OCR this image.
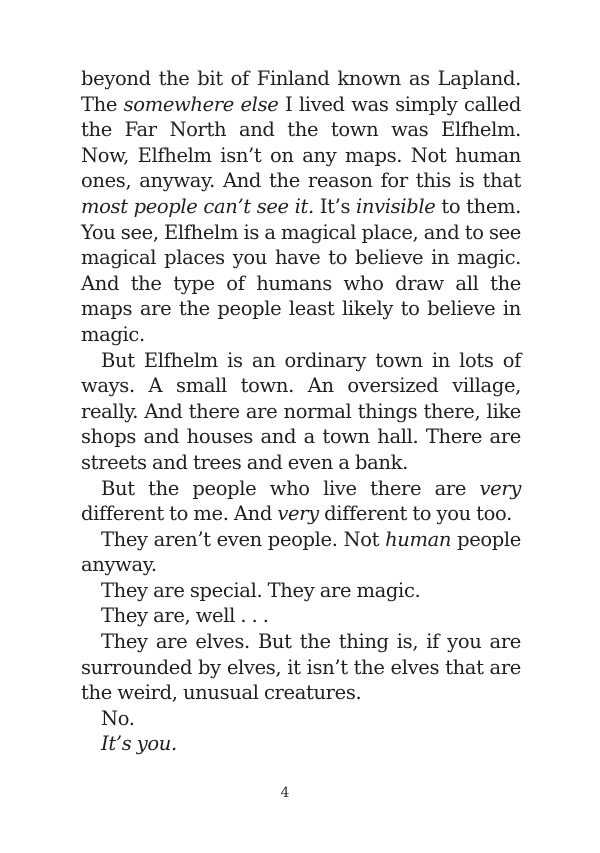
beyond the bit of Finland known as Lapland. The somewhere else I lived was simply called the Far North and the town was Elfhelm. Now, Elfhelm isn’t on any maps. Not human ones, anyway. And the reason for this is that most people can’t see it. It’s invisible to them. You see, Elfhelm is a magical place, and to see magical places you have to believe in magic. And the type of humans who draw all the maps are the people least likely to believe in magic.

But Elfhelm is an ordinary town in lots of ways. A small town. An oversized village, really. And there are normal things there, like shops and houses and a town hall. There are streets and trees and even a bank.

But the people who live there are very different to me. And very different to you too.

They aren’t even people. Not human people anyway.

They are special. They are magic.

They are, well . . .

They are elves. But the thing is, if you are surrounded by elves, it isn’t the elves that are the weird, unusual creatures.

No.

It’s you.

4
